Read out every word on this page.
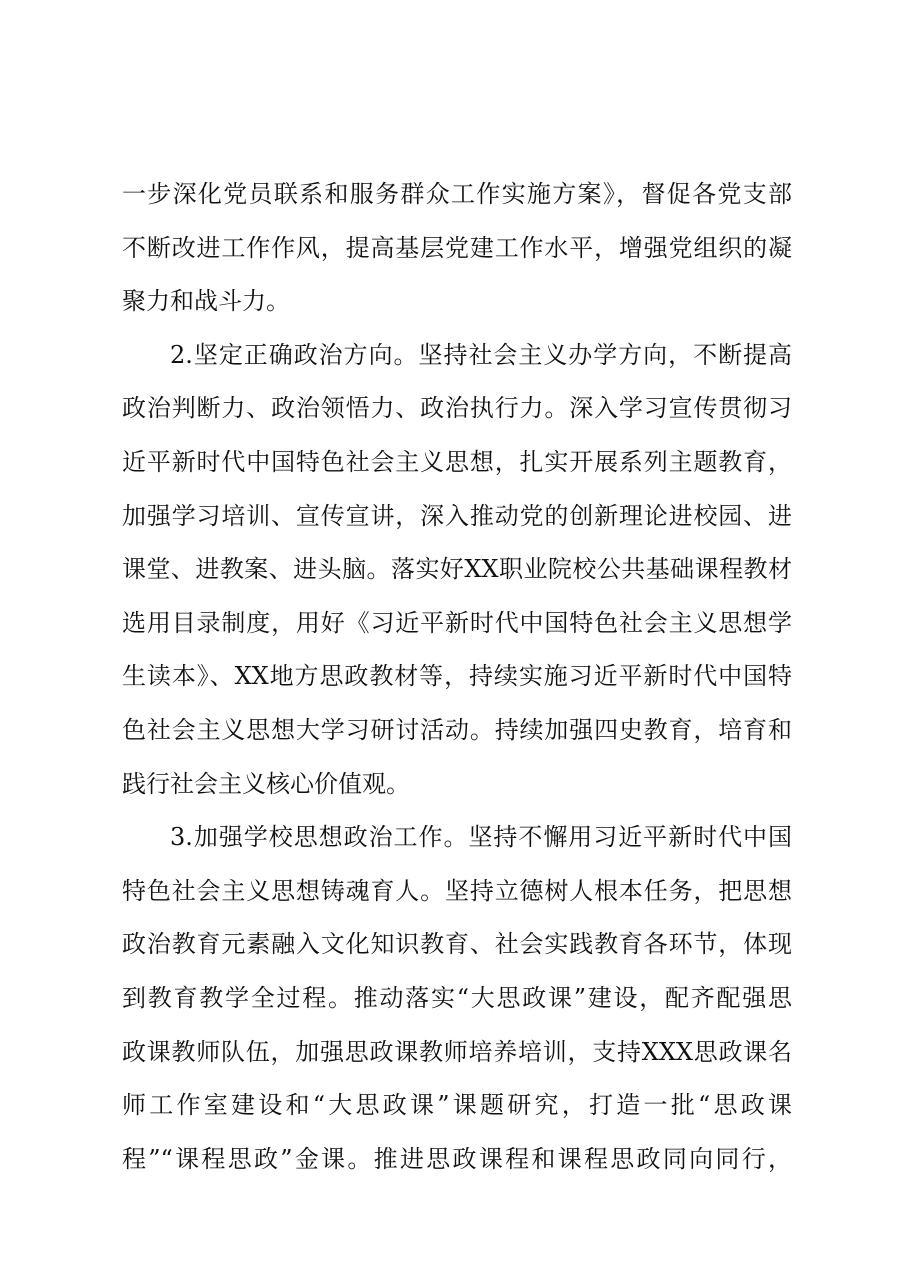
一步深化党员联系和服务群众工作实施方案》，督促各党支部
不断改进工作作风，提高基层党建工作水平，增强党组织的凝
聚力和战斗力。
2.坚定正确政治方向。坚持社会主义办学方向，不断提高
政治判断力、政治领悟力、政治执行力。深入学习宣传贯彻习
近平新时代中国特色社会主义思想，扎实开展系列主题教育，
加强学习培训、宣传宣讲，深入推动党的创新理论进校园、进
课堂、进教案、进头脑。落实好XX职业院校公共基础课程教材
选用目录制度，用好《习近平新时代中国特色社会主义思想学
生读本》、XX地方思政教材等，持续实施习近平新时代中国特
色社会主义思想大学习研讨活动。持续加强四史教育，培育和
践行社会主义核心价值观。
3.加强学校思想政治工作。坚持不懈用习近平新时代中国
特色社会主义思想铸魂育人。坚持立德树人根本任务，把思想
政治教育元素融入文化知识教育、社会实践教育各环节，体现
到教育教学全过程。推动落实“大思政课”建设，配齐配强思
政课教师队伍，加强思政课教师培养培训，支持XXX思政课名
师工作室建设和“大思政课”课题研究，打造一批“思政课
程”“课程思政”金课。推进思政课程和课程思政同向同行，
